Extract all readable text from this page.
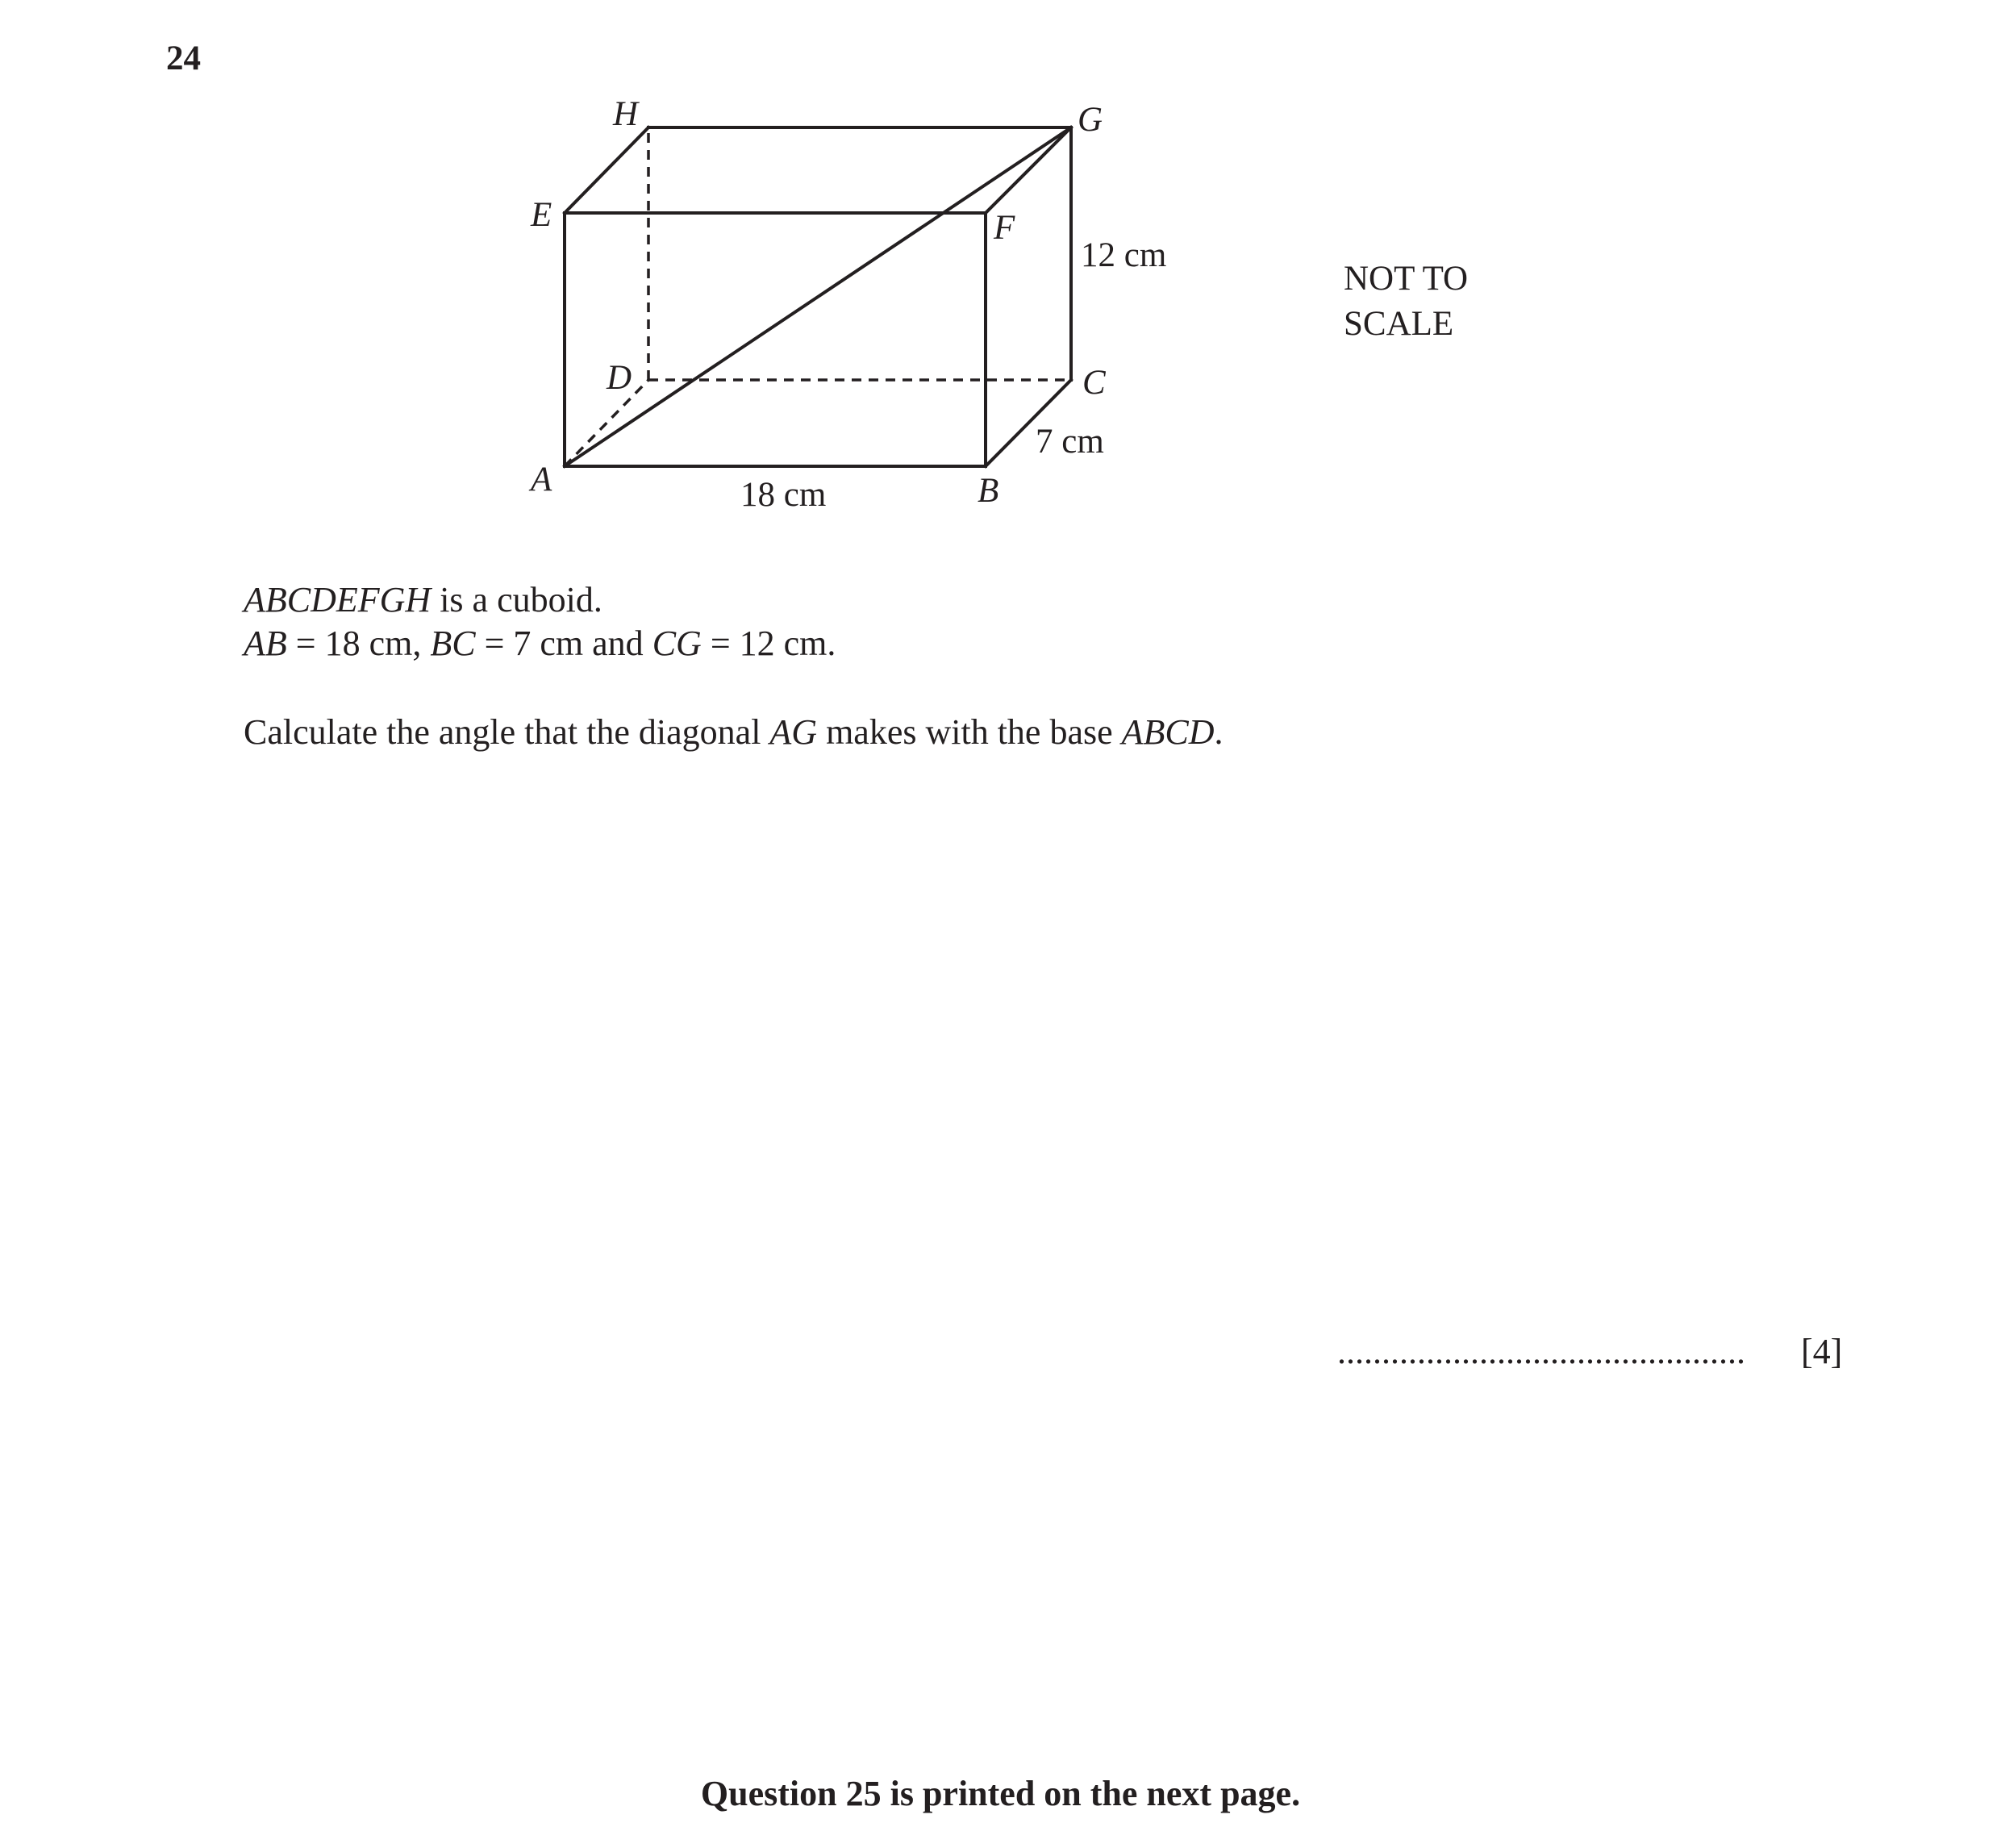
24
H	G
E	F
D	C
A	B
18 cm
7 cm
12 cm
NOT TO
SCALE
ABCDEFGH is a cuboid.
AB = 18 cm, BC = 7 cm and CG = 12 cm.
Calculate the angle that the diagonal AG makes with the base ABCD.
.............................................. [4]
Question 25 is printed on the next page.
